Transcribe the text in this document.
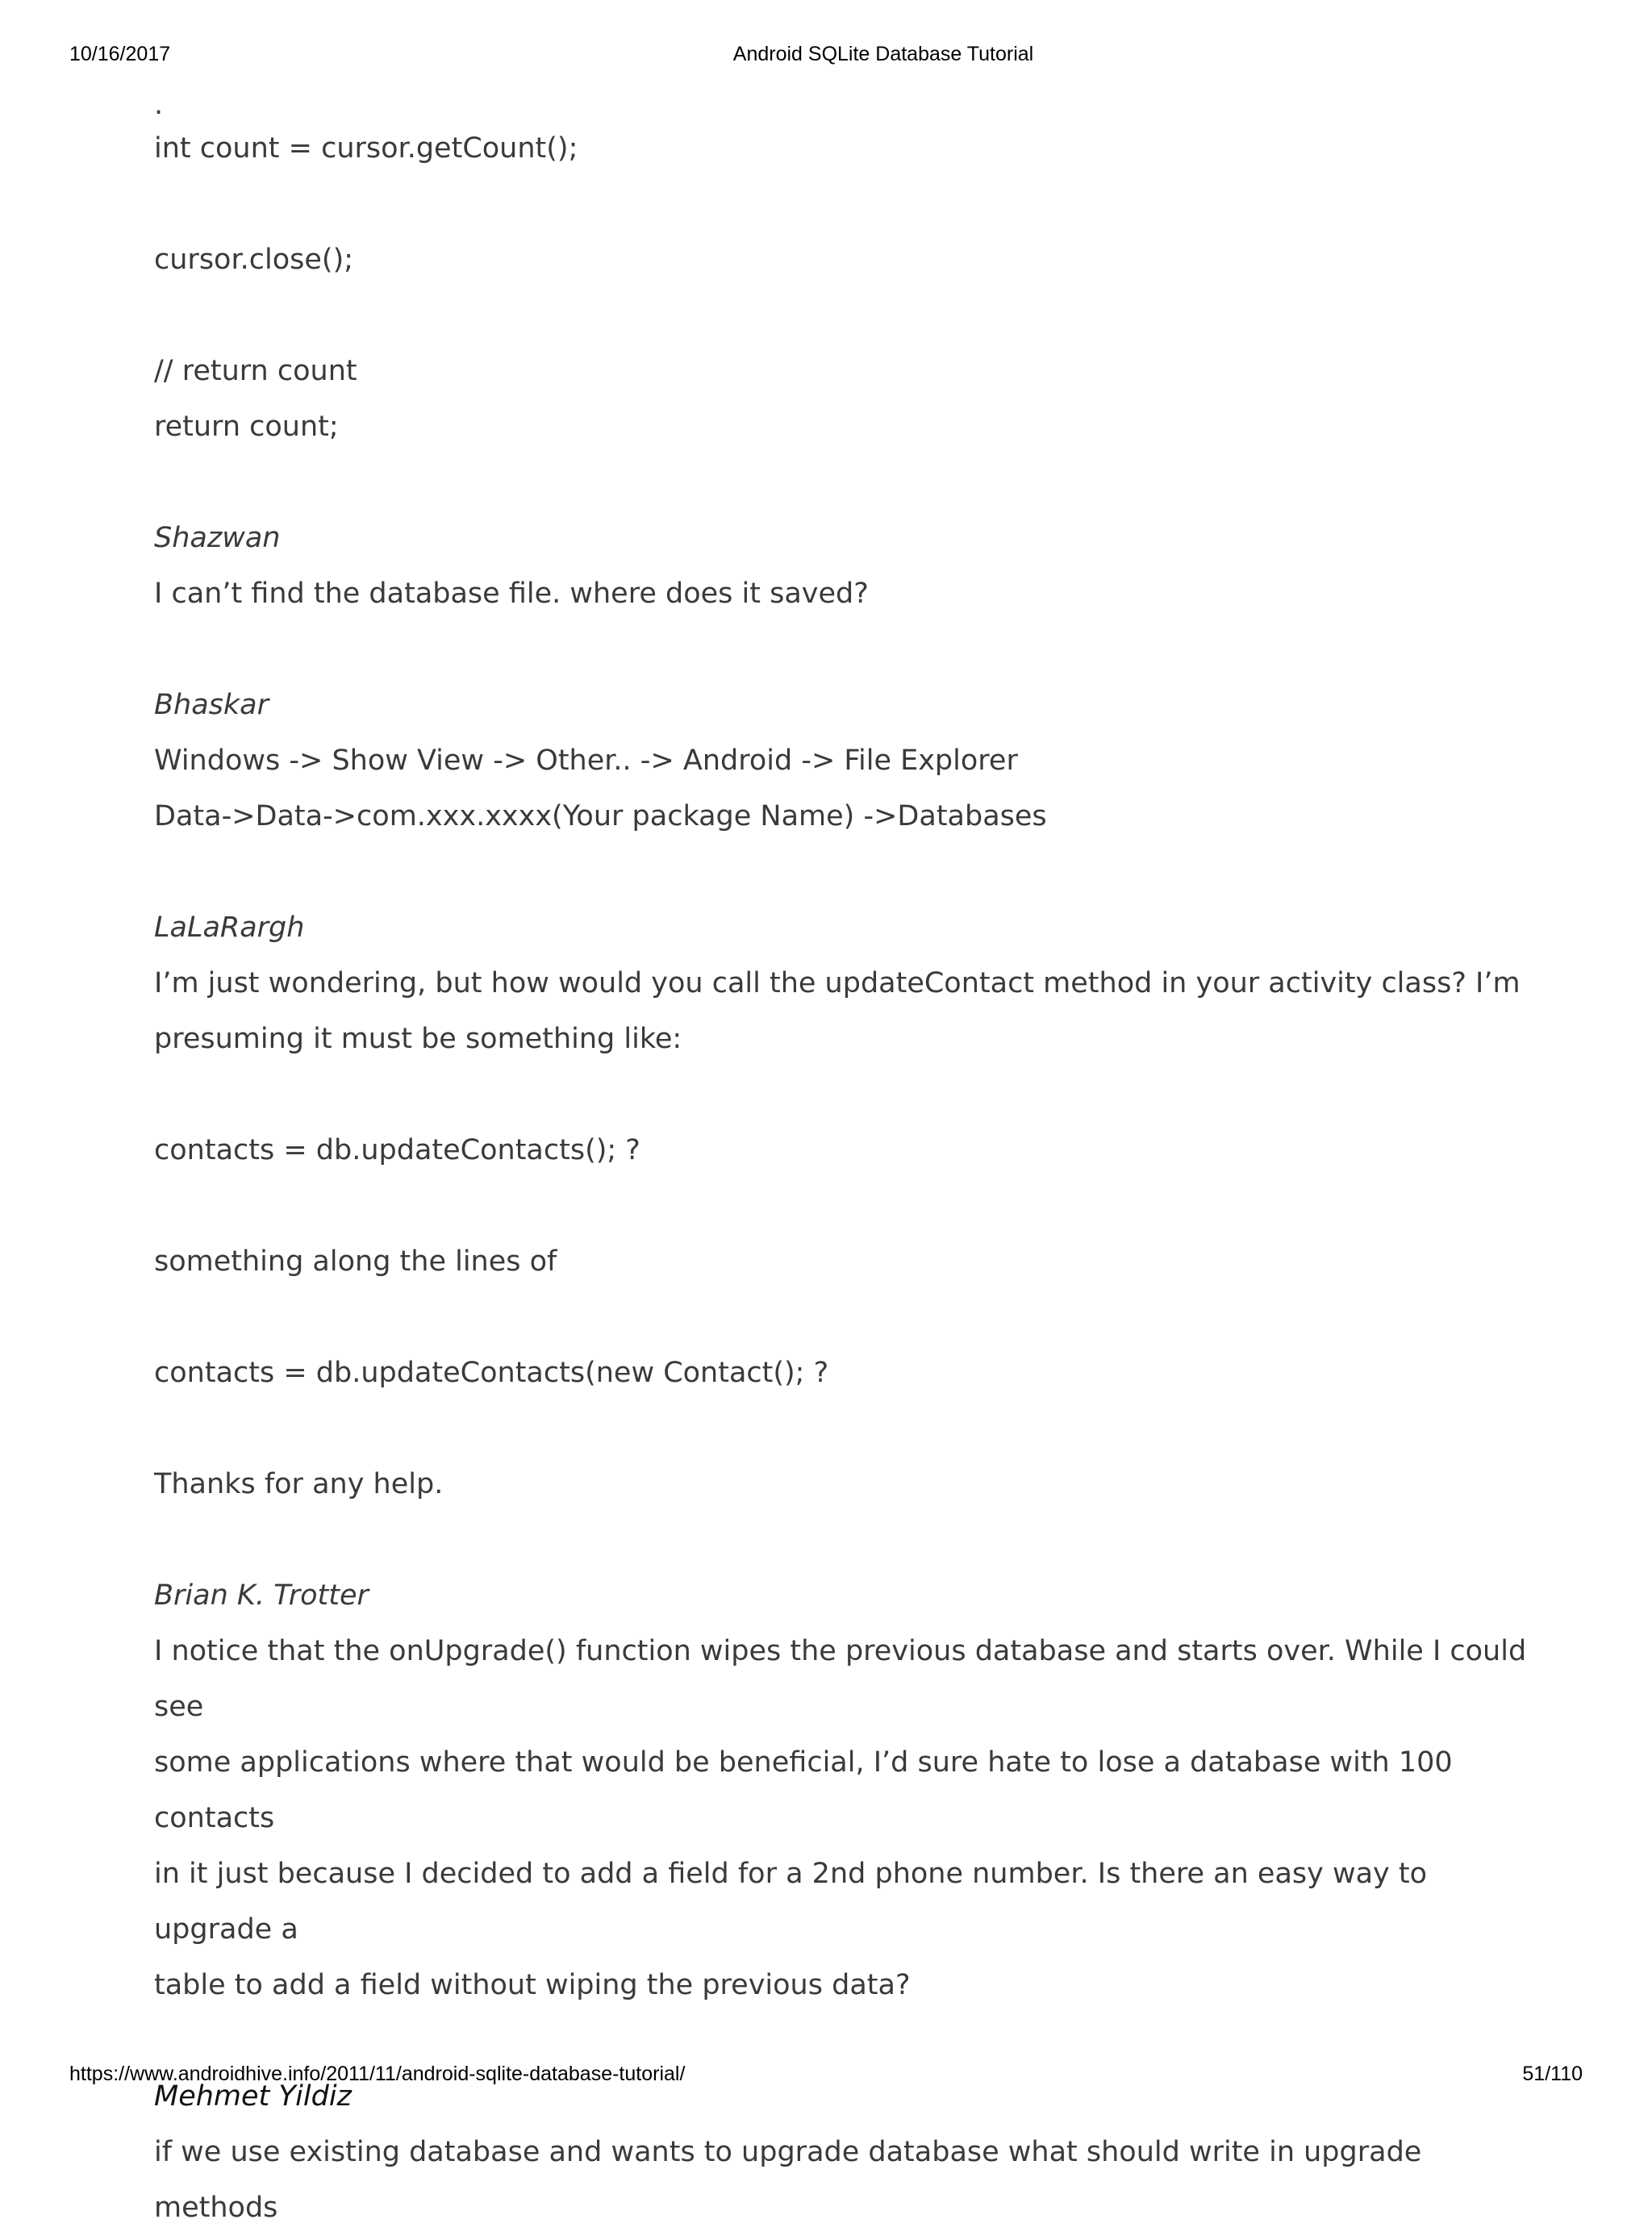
10/16/2017	Android SQLite Database Tutorial
.
int count = cursor.getCount();
cursor.close();
// return count
return count;
Shazwan
I can’t find the database file. where does it saved?
Bhaskar
Windows -> Show View -> Other.. -> Android -> File Explorer
Data->Data->com.xxx.xxxx(Your package Name) ->Databases
LaLaRargh
I’m just wondering, but how would you call the updateContact method in your activity class? I’m
presuming it must be something like:
contacts = db.updateContacts(); ?
something along the lines of
contacts = db.updateContacts(new Contact(); ?
Thanks for any help.
Brian K. Trotter
I notice that the onUpgrade() function wipes the previous database and starts over. While I could see
some applications where that would be beneficial, I’d sure hate to lose a database with 100 contacts
in it just because I decided to add a field for a 2nd phone number. Is there an easy way to upgrade a
table to add a field without wiping the previous data?
Mehmet Yildiz
if we use existing database and wants to upgrade database what should write in upgrade methods
https://www.androidhive.info/2011/11/android-sqlite-database-tutorial/	51/110
